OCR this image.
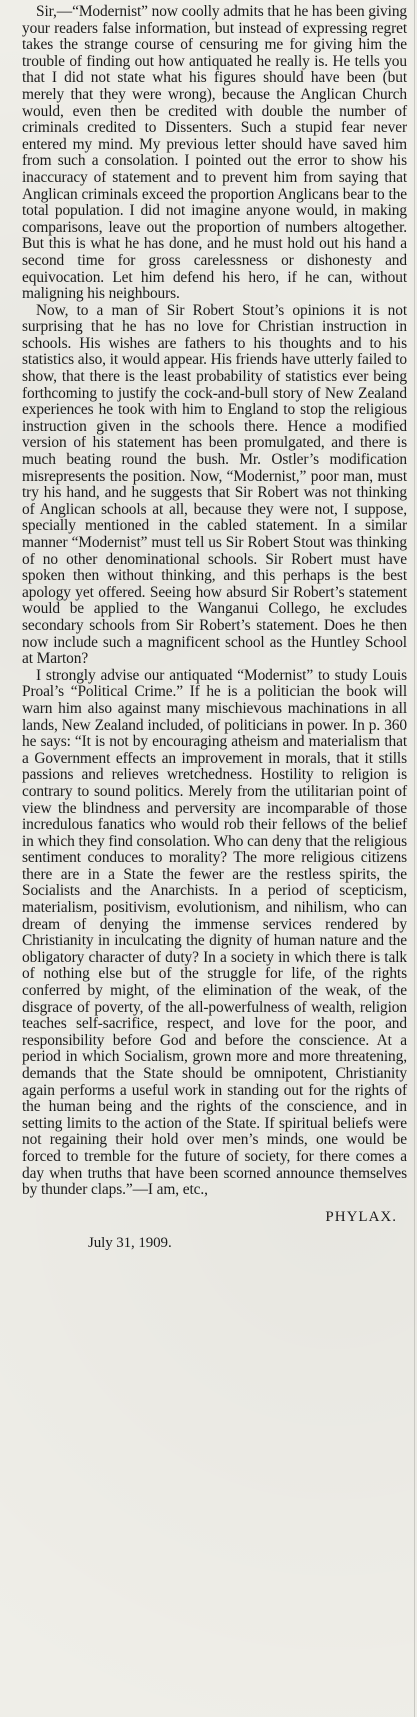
Sir,—“Modernist” now coolly admits that he has been giving your readers false information, but instead of expressing regret takes the strange course of censuring me for giving him the trouble of finding out how antiquated he really is. He tells you that I did not state what his figures should have been (but merely that they were wrong), because the Anglican Church would, even then be credited with double the number of criminals credited to Dissenters. Such a stupid fear never entered my mind. My previous letter should have saved him from such a consolation. I pointed out the error to show his inaccuracy of statement and to prevent him from saying that Anglican criminals exceed the proportion Anglicans bear to the total population. I did not imagine anyone would, in making comparisons, leave out the proportion of numbers altogether. But this is what he has done, and he must hold out his hand a second time for gross carelessness or dishonesty and equivocation. Let him defend his hero, if he can, without maligning his neighbours.

Now, to a man of Sir Robert Stout’s opinions it is not surprising that he has no love for Christian instruction in schools. His wishes are fathers to his thoughts and to his statistics also, it would appear. His friends have utterly failed to show, that there is the least probability of statistics ever being forthcoming to justify the cock-and-bull story of New Zealand experiences he took with him to England to stop the religious instruction given in the schools there. Hence a modified version of his statement has been promulgated, and there is much beating round the bush. Mr. Ostler’s modification misrepresents the position. Now, “Modernist,” poor man, must try his hand, and he suggests that Sir Robert was not thinking of Anglican schools at all, because they were not, I suppose, specially mentioned in the cabled statement. In a similar manner “Modernist” must tell us Sir Robert Stout was thinking of no other denominational schools. Sir Robert must have spoken then without thinking, and this perhaps is the best apology yet offered. Seeing how absurd Sir Robert’s statement would be applied to the Wanganui Collego, he excludes secondary schools from Sir Robert’s statement. Does he then now include such a magnificent school as the Huntley School at Marton?

I strongly advise our antiquated “Modernist” to study Louis Proal’s “Political Crime.” If he is a politician the book will warn him also against many mischievous machinations in all lands, New Zealand included, of politicians in power. In p. 360 he says: “It is not by encouraging atheism and materialism that a Government effects an improvement in morals, that it stills passions and relieves wretchedness. Hostility to religion is contrary to sound politics. Merely from the utilitarian point of view the blindness and perversity are incomparable of those incredulous fanatics who would rob their fellows of the belief in which they find consolation. Who can deny that the religious sentiment conduces to morality? The more religious citizens there are in a State the fewer are the restless spirits, the Socialists and the Anarchists. In a period of scepticism, materialism, positivism, evolutionism, and nihilism, who can dream of denying the immense services rendered by Christianity in inculcating the dignity of human nature and the obligatory character of duty? In a society in which there is talk of nothing else but of the struggle for life, of the rights conferred by might, of the elimination of the weak, of the disgrace of poverty, of the all-powerfulness of wealth, religion teaches self-sacrifice, respect, and love for the poor, and responsibility before God and before the conscience. At a period in which Socialism, grown more and more threatening, demands that the State should be omnipotent, Christianity again performs a useful work in standing out for the rights of the human being and the rights of the conscience, and in setting limits to the action of the State. If spiritual beliefs were not regaining their hold over men’s minds, one would be forced to tremble for the future of society, for there comes a day when truths that have been scorned announce themselves by thunder claps.”—I am, etc.,

PHYLAX.
July 31, 1909.
